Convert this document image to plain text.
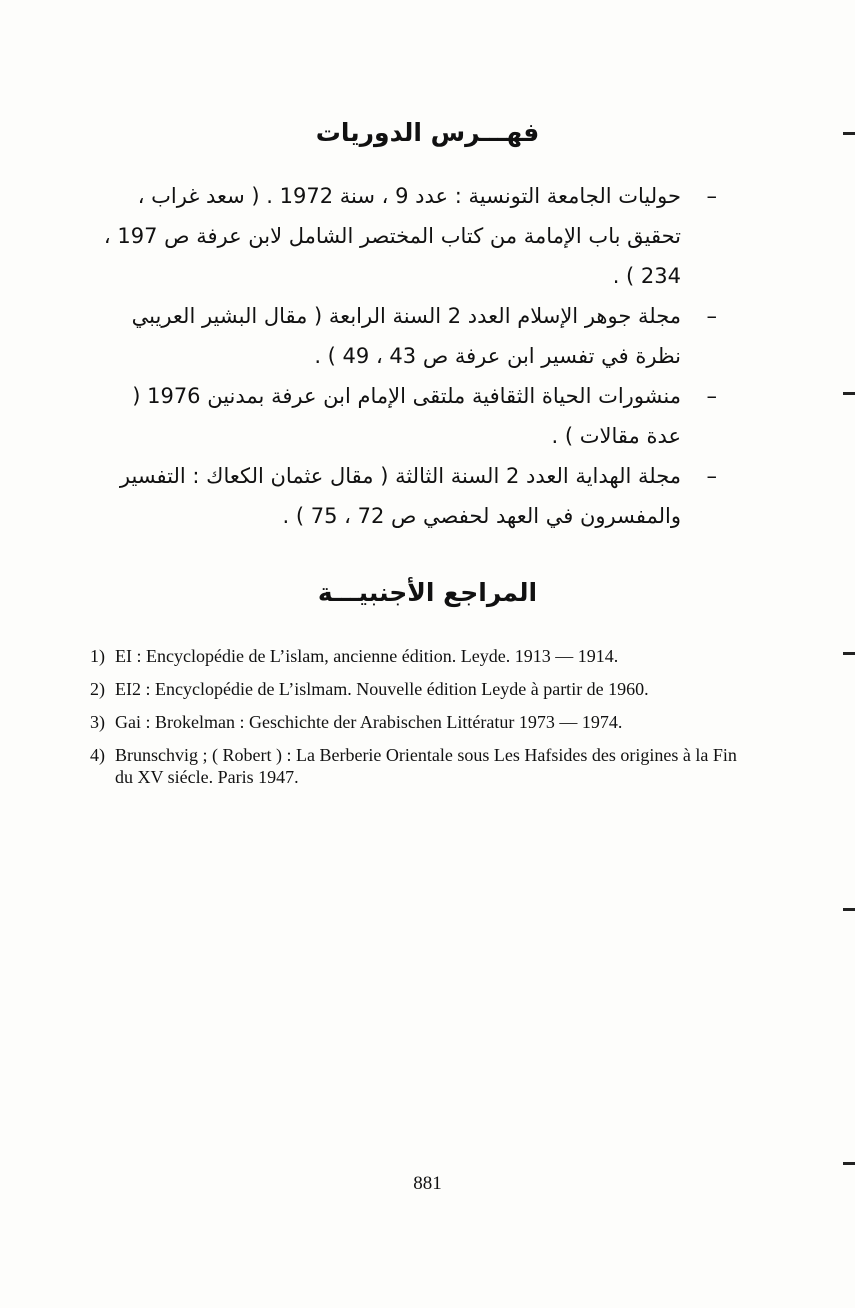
فهـــرس الدوريات
–
حوليات الجامعة التونسية : عدد 9 ، سنة 1972 . ( سعد غراب ، تحقيق باب الإمامة من كتاب المختصر الشامل لابن عرفة ص 197 ، 234 ) .
–
مجلة جوهر الإسلام العدد 2 السنة الرابعة ( مقال البشير العريبي نظرة في تفسير ابن عرفة ص 43 ، 49 ) .
–
منشورات الحياة الثقافية ملتقى الإمام ابن عرفة بمدنين 1976 ( عدة مقالات ) .
–
مجلة الهداية العدد 2 السنة الثالثة ( مقال عثمان الكعاك : التفسير والمفسرون في العهد لحفصي ص 72 ، 75 ) .
المراجع الأجنبيـــة
1) EI : Encyclopédie de L’islam, ancienne édition. Leyde. 1913 — 1914.
2) EI2 : Encyclopédie de L’islmam. Nouvelle édition Leyde à partir de 1960.
3) Gai : Brokelman : Geschichte der Arabischen Littératur 1973 — 1974.
4) Brunschvig ; ( Robert ) : La Berberie Orientale sous Les Hafsides des origines à la Fin du XV siécle. Paris 1947.
881
